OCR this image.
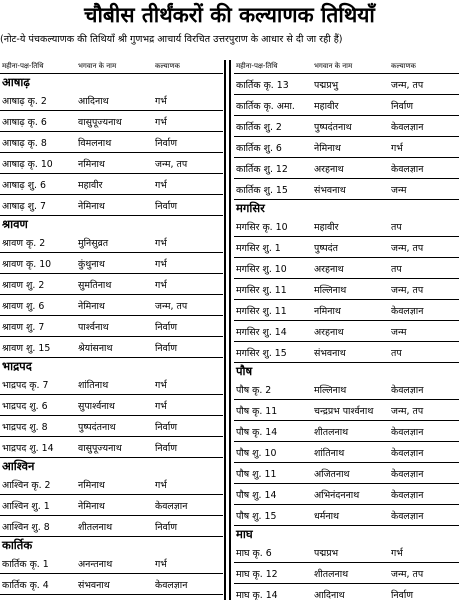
चौबीस तीर्थंकरों की कल्याणक तिथियाँ
(नोट-ये पंचकल्याणक की तिथियाँ श्री गुणभद्र आचार्य विरचित उत्तरपुराण के आधार से दी जा रही हैं)
महीना-पक्ष-तिथि	भगवान के नाम	कल्याणक
आषाढ़
आषाढ़ कृ. 2	आदिनाथ	गर्भ
आषाढ़ कृ. 6	वासुपूज्यनाथ	गर्भ
आषाढ़ कृ. 8	विमलनाथ	निर्वाण
आषाढ़ कृ. 10	नमिनाथ	जन्म, तप
आषाढ़ शु. 6	महावीर	गर्भ
आषाढ़ शु. 7	नेमिनाथ	निर्वाण
श्रावण
श्रावण कृ. 2	मुनिसुव्रत	गर्भ
श्रावण कृ. 10	कुंथुनाथ	गर्भ
श्रावण शु. 2	सुमतिनाथ	गर्भ
श्रावण शु. 6	नेमिनाथ	जन्म, तप
श्रावण शु. 7	पार्श्वनाथ	निर्वाण
श्रावण शु. 15	श्रेयांसनाथ	निर्वाण
भाद्रपद
भाद्रपद कृ. 7	शांतिनाथ	गर्भ
भाद्रपद शु. 6	सुपार्श्वनाथ	गर्भ
भाद्रपद शु. 8	पुष्पदंतनाथ	निर्वाण
भाद्रपद शु. 14	वासुपूज्यनाथ	निर्वाण
आश्विन
आश्विन कृ. 2	नमिनाथ	गर्भ
आश्विन शु. 1	नेमिनाथ	केवलज्ञान
आश्विन शु. 8	शीतलनाथ	निर्वाण
कार्तिक
कार्तिक कृ. 1	अनन्तनाथ	गर्भ
कार्तिक कृ. 4	संभवनाथ	केवलज्ञान
महीना-पक्ष-तिथि	भगवान के नाम	कल्याणक
कार्तिक कृ. 13	पद्मप्रभु	जन्म, तप
कार्तिक कृ. अमा.	महावीर	निर्वाण
कार्तिक शु. 2	पुष्पदंतनाथ	केवलज्ञान
कार्तिक शु. 6	नेमिनाथ	गर्भ
कार्तिक शु. 12	अरहनाथ	केवलज्ञान
कार्तिक शु. 15	संभवनाथ	जन्म
मगसिर
मगसिर कृ. 10	महावीर	तप
मगसिर शु. 1	पुष्पदंत	जन्म, तप
मगसिर शु. 10	अरहनाथ	तप
मगसिर शु. 11	मल्लिनाथ	जन्म, तप
मगसिर शु. 11	नमिनाथ	केवलज्ञान
मगसिर शु. 14	अरहनाथ	जन्म
मगसिर शु. 15	संभवनाथ	तप
पौष
पौष कृ. 2	मल्लिनाथ	केवलज्ञान
पौष कृ. 11	चन्द्रप्रभ पार्श्वनाथ	जन्म, तप
पौष कृ. 14	शीतलनाथ	केवलज्ञान
पौष शु. 10	शांतिनाथ	केवलज्ञान
पौष शु. 11	अजितनाथ	केवलज्ञान
पौष शु. 14	अभिनंदननाथ	केवलज्ञान
पौष शु. 15	धर्मनाथ	केवलज्ञान
माघ
माघ कृ. 6	पद्मप्रभ	गर्भ
माघ कृ. 12	शीतलनाथ	जन्म, तप
माघ कृ. 14	आदिनाथ	निर्वाण
